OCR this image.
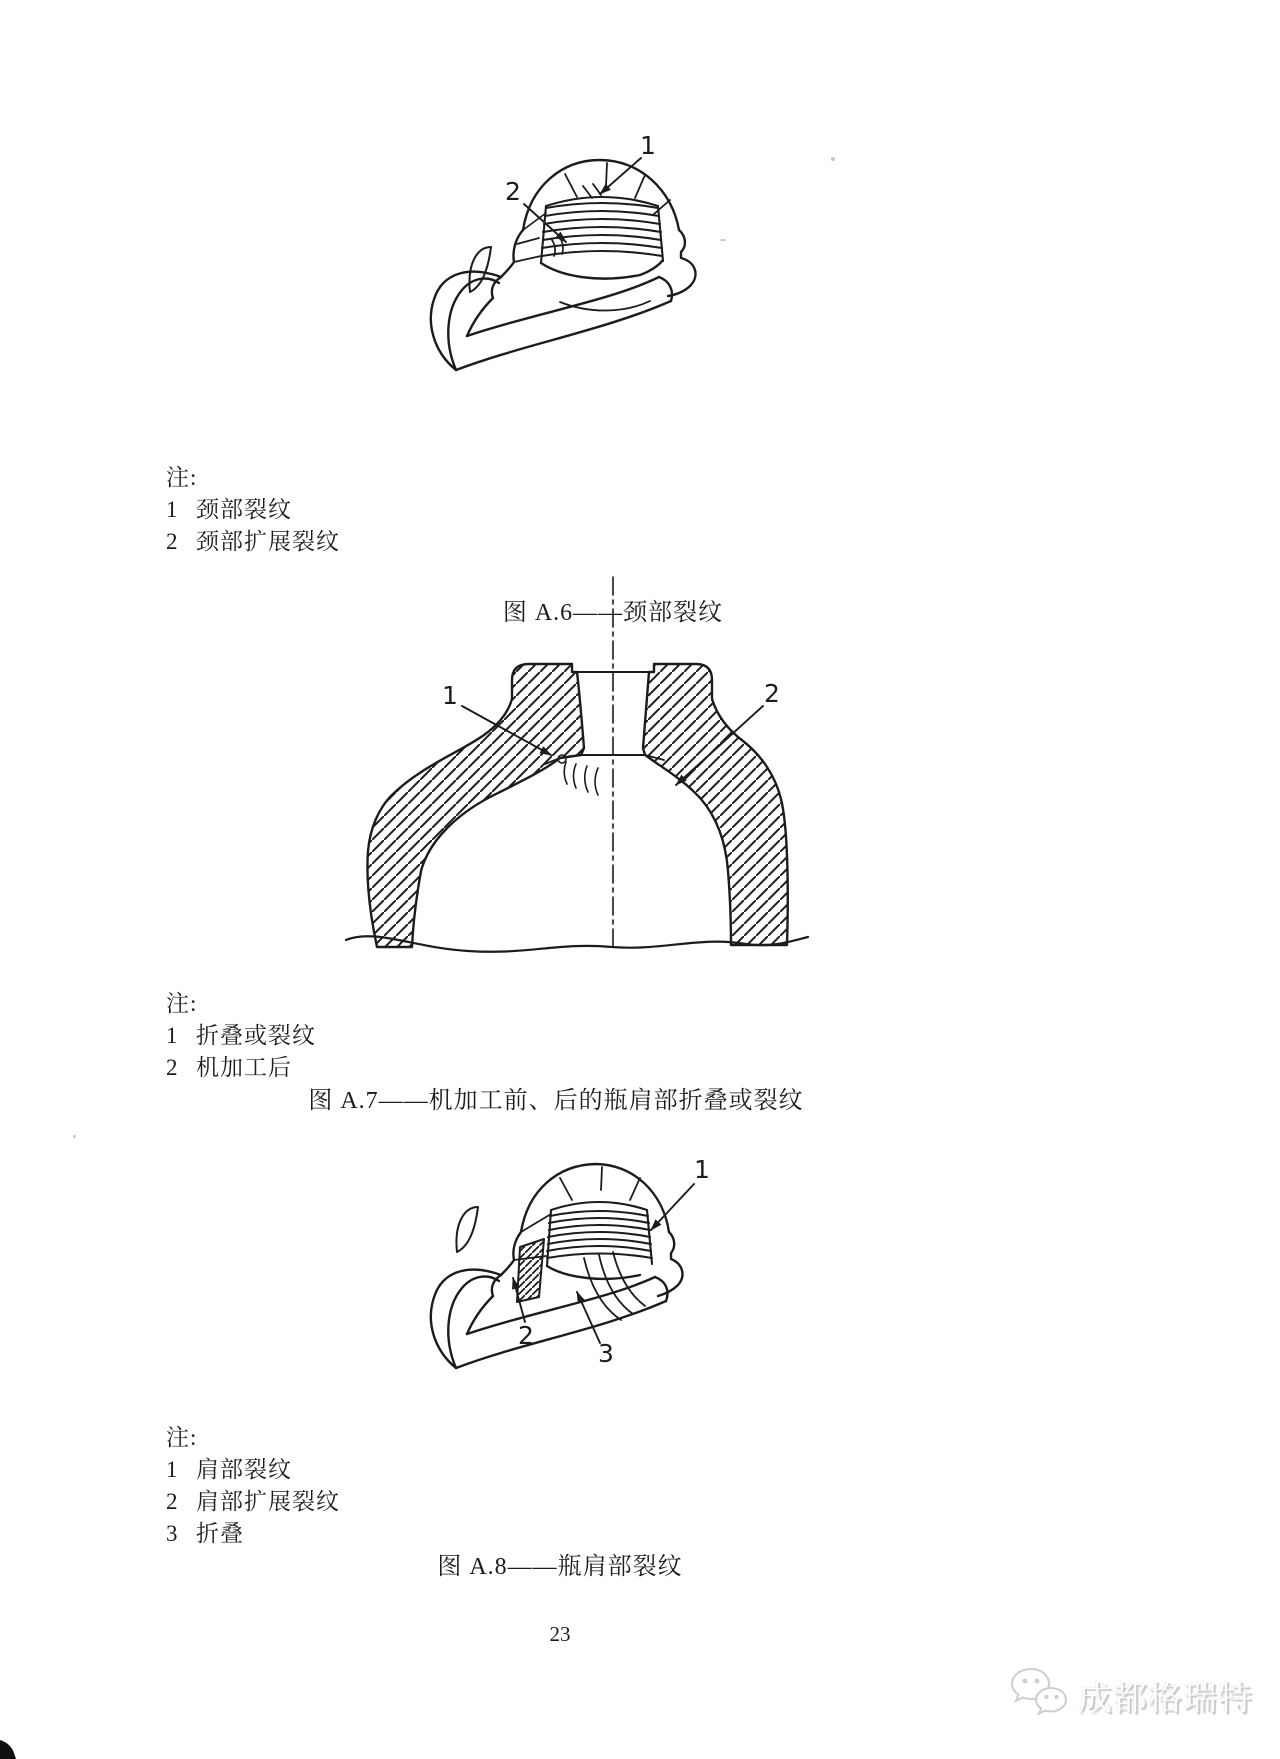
1
2
1	2
1
2
3
注:
1 颈部裂纹
2 颈部扩展裂纹
图 A.6——颈部裂纹
注:
1 折叠或裂纹
2 机加工后
图 A.7——机加工前、后的瓶肩部折叠或裂纹
注:
1 肩部裂纹
2 肩部扩展裂纹
3 折叠
图 A.8——瓶肩部裂纹
23
成都格瑞特
